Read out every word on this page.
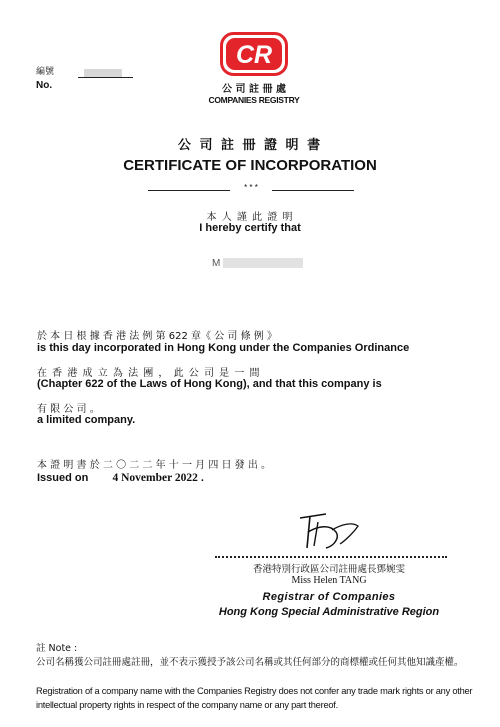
編號
No.
CR
公 司 註 冊 處
COMPANIES REGISTRY
公 司 註 冊 證 明 書
CERTIFICATE OF INCORPORATION
* * *
本 人 謹 此 證 明
I hereby certify that
M
於 本 日 根 據 香 港 法 例 第 622 章《 公 司 條 例 》
is this day incorporated in Hong Kong under the Companies Ordinance
在 香 港 成 立 為 法 團 ， 此 公 司 是 一 間
(Chapter 622 of the Laws of Hong Kong), and that this company is
有 限 公 司 。
a limited company.
本 證 明 書 於 二 〇 二 二 年 十 一 月 四 日 發 出 。
Issued on 4 November 2022 .
香港特別行政區公司註冊處長鄧婉雯
Miss Helen TANG
Registrar of Companies
Hong Kong Special Administrative Region
註 Note :
公司名稱獲公司註冊處註冊，並不表示獲授予該公司名稱或其任何部分的商標權或任何其他知識產權。
Registration of a company name with the Companies Registry does not confer any trade mark rights or any other intellectual property rights in respect of the company name or any part thereof.
